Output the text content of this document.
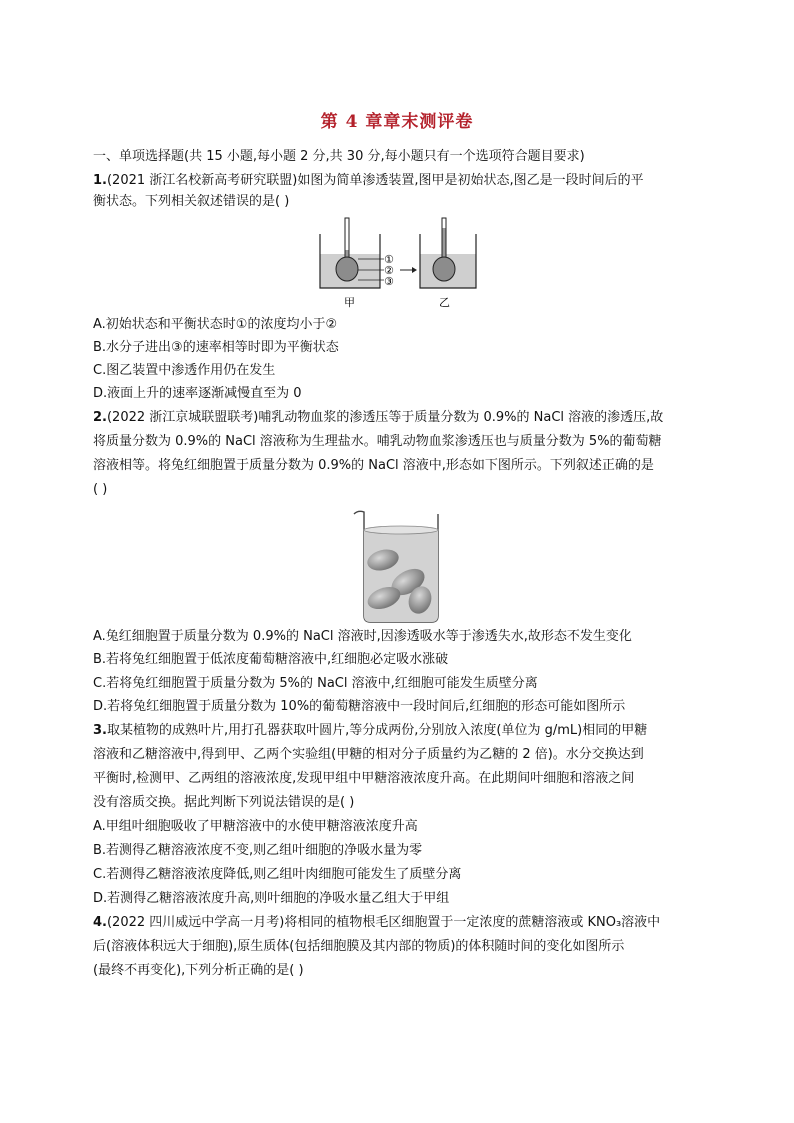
第 4 章章末测评卷
一、单项选择题(共 15 小题,每小题 2 分,共 30 分,每小题只有一个选项符合题目要求)
1.(2021 浙江名校新高考研究联盟)如图为简单渗透装置,图甲是初始状态,图乙是一段时间后的平
衡状态。下列相关叙述错误的是( )
①
②
③
甲	乙
A.初始状态和平衡状态时①的浓度均小于②
B.水分子进出③的速率相等时即为平衡状态
C.图乙装置中渗透作用仍在发生
D.液面上升的速率逐渐减慢直至为 0
2.(2022 浙江京城联盟联考)哺乳动物血浆的渗透压等于质量分数为 0.9%的 NaCl 溶液的渗透压,故
将质量分数为 0.9%的 NaCl 溶液称为生理盐水。哺乳动物血浆渗透压也与质量分数为 5%的葡萄糖
溶液相等。将兔红细胞置于质量分数为 0.9%的 NaCl 溶液中,形态如下图所示。下列叙述正确的是
( )
A.兔红细胞置于质量分数为 0.9%的 NaCl 溶液时,因渗透吸水等于渗透失水,故形态不发生变化
B.若将兔红细胞置于低浓度葡萄糖溶液中,红细胞必定吸水涨破
C.若将兔红细胞置于质量分数为 5%的 NaCl 溶液中,红细胞可能发生质壁分离
D.若将兔红细胞置于质量分数为 10%的葡萄糖溶液中一段时间后,红细胞的形态可能如图所示
3.取某植物的成熟叶片,用打孔器获取叶圆片,等分成两份,分别放入浓度(单位为 g/mL)相同的甲糖
溶液和乙糖溶液中,得到甲、乙两个实验组(甲糖的相对分子质量约为乙糖的 2 倍)。水分交换达到
平衡时,检测甲、乙两组的溶液浓度,发现甲组中甲糖溶液浓度升高。在此期间叶细胞和溶液之间
没有溶质交换。据此判断下列说法错误的是( )
A.甲组叶细胞吸收了甲糖溶液中的水使甲糖溶液浓度升高
B.若测得乙糖溶液浓度不变,则乙组叶细胞的净吸水量为零
C.若测得乙糖溶液浓度降低,则乙组叶肉细胞可能发生了质壁分离
D.若测得乙糖溶液浓度升高,则叶细胞的净吸水量乙组大于甲组
4.(2022 四川威远中学高一月考)将相同的植物根毛区细胞置于一定浓度的蔗糖溶液或 KNO₃溶液中
后(溶液体积远大于细胞),原生质体(包括细胞膜及其内部的物质)的体积随时间的变化如图所示
(最终不再变化),下列分析正确的是( )
